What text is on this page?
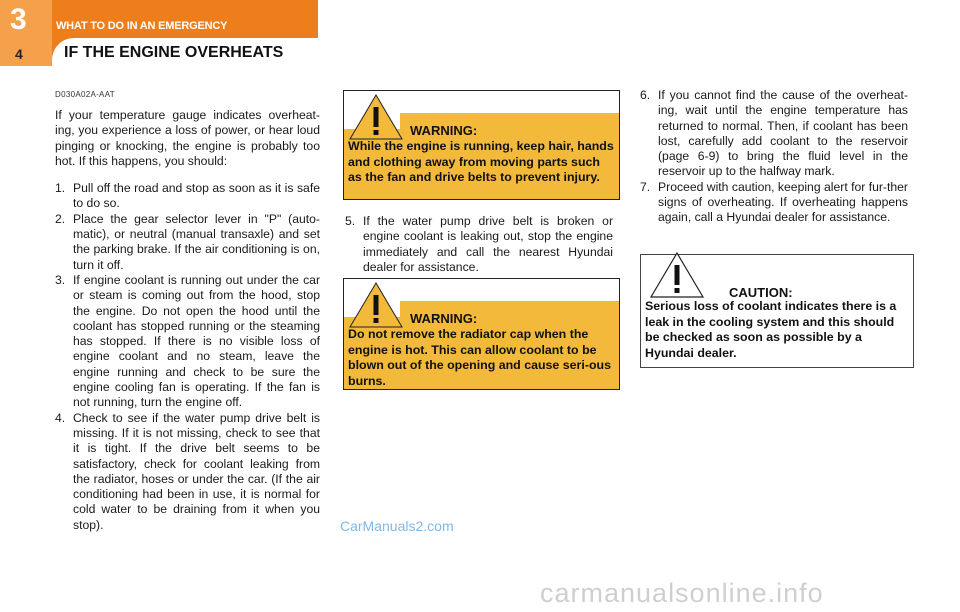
3	WHAT TO DO IN AN EMERGENCY
4	IF THE ENGINE OVERHEATS
D030A02A-AAT

If your temperature gauge indicates overheat-ing, you experience a loss of power, or hear loud pinging or knocking, the engine is probably too hot. If this happens, you should:

1. Pull off the road and stop as soon as it is safe to do so.
2. Place the gear selector lever in "P" (auto-matic), or neutral (manual transaxle) and set the parking brake. If the air conditioning is on, turn it off.
3. If engine coolant is running out under the car or steam is coming out from the hood, stop the engine. Do not open the hood until the coolant has stopped running or the steaming has stopped. If there is no visible loss of engine coolant and no steam, leave the engine running and check to be sure the engine cooling fan is operating. If the fan is not running, turn the engine off.
4. Check to see if the water pump drive belt is missing. If it is not missing, check to see that it is tight. If the drive belt seems to be satisfactory, check for coolant leaking from the radiator, hoses or under the car. (If the air conditioning had been in use, it is normal for cold water to be draining from it when you stop).
WARNING:
While the engine is running, keep hair, hands and clothing away from moving parts such as the fan and drive belts to prevent injury.
5. If the water pump drive belt is broken or engine coolant is leaking out, stop the engine immediately and call the nearest Hyundai dealer for assistance.
WARNING:
Do not remove the radiator cap when the engine is hot. This can allow coolant to be blown out of the opening and cause seri-ous burns.
6. If you cannot find the cause of the overheat-ing, wait until the engine temperature has returned to normal. Then, if coolant has been lost, carefully add coolant to the reservoir (page 6-9) to bring the fluid level in the reservoir up to the halfway mark.
7. Proceed with caution, keeping alert for fur-ther signs of overheating. If overheating happens again, call a Hyundai dealer for assistance.
CAUTION:
Serious loss of coolant indicates there is a leak in the cooling system and this should be checked as soon as possible by a Hyundai dealer.
CarManuals2.com
carmanualsonline.info
